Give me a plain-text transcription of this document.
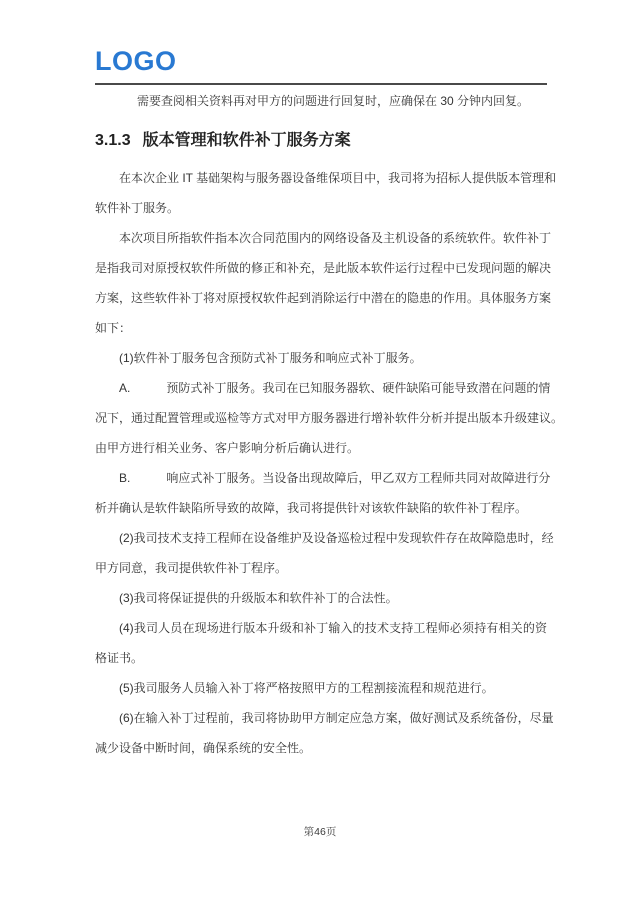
LOGO
需要查阅相关资料再对甲方的问题进行回复时，应确保在 30 分钟内回复。
3.1.3 版本管理和软件补丁服务方案
在本次企业 IT 基础架构与服务器设备维保项目中，我司将为招标人提供版本管理和
软件补丁服务。
本次项目所指软件指本次合同范围内的网络设备及主机设备的系统软件。软件补丁
是指我司对原授权软件所做的修正和补充，是此版本软件运行过程中已发现问题的解决
方案，这些软件补丁将对原授权软件起到消除运行中潜在的隐患的作用。具体服务方案
如下：
(1)软件补丁服务包含预防式补丁服务和响应式补丁服务。
A.　　　预防式补丁服务。我司在已知服务器软、硬件缺陷可能导致潜在问题的情
况下，通过配置管理或巡检等方式对甲方服务器进行增补软件分析并提出版本升级建议。
由甲方进行相关业务、客户影响分析后确认进行。
B.　　　响应式补丁服务。当设备出现故障后，甲乙双方工程师共同对故障进行分
析并确认是软件缺陷所导致的故障，我司将提供针对该软件缺陷的软件补丁程序。
(2)我司技术支持工程师在设备维护及设备巡检过程中发现软件存在故障隐患时，经
甲方同意，我司提供软件补丁程序。
(3)我司将保证提供的升级版本和软件补丁的合法性。
(4)我司人员在现场进行版本升级和补丁输入的技术支持工程师必须持有相关的资
格证书。
(5)我司服务人员输入补丁将严格按照甲方的工程割接流程和规范进行。
(6)在输入补丁过程前，我司将协助甲方制定应急方案，做好测试及系统备份，尽量
减少设备中断时间，确保系统的安全性。
第46页
